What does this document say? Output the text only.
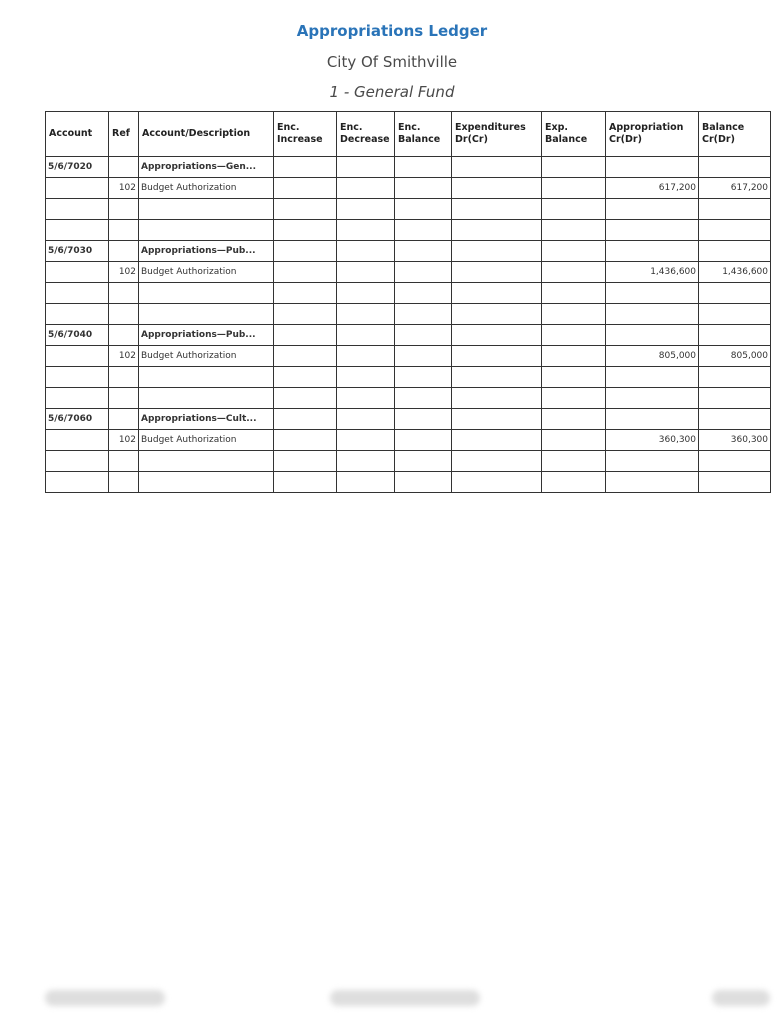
Appropriations Ledger
City Of Smithville
1 - General Fund
Account	Ref	Account/Description	Enc. Increase	Enc. Decrease	Enc. Balance	Expenditures Dr(Cr)	Exp. Balance	Appropriation Cr(Dr)	Balance Cr(Dr)
5/6/7020		Appropriations—Gen...							
	102	Budget Authorization						617,200	617,200

5/6/7030		Appropriations—Pub...							
	102	Budget Authorization						1,436,600	1,436,600

5/6/7040		Appropriations—Pub...							
	102	Budget Authorization						805,000	805,000

5/6/7060		Appropriations—Cult...							
	102	Budget Authorization						360,300	360,300
